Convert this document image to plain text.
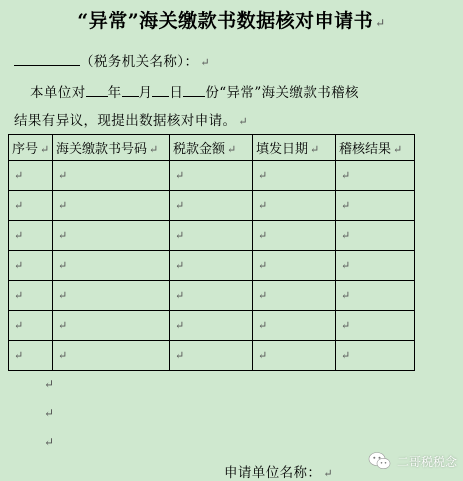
“异常”海关缴款书数据核对申请书 ↵
（税务机关名称）： ↵
本单位对 年 月 日 份“异常”海关缴款书稽核
结果有异议，现提出数据核对申请。 ↵
序号 ↵	海关缴款书号码 ↵	税款金额 ↵	填发日期 ↵	稽核结果 ↵
↵	↵	↵	↵	↵
↵	↵	↵	↵	↵
↵	↵	↵	↵	↵
↵	↵	↵	↵	↵
↵	↵	↵	↵	↵
↵	↵	↵	↵	↵
↵	↵	↵	↵	↵
↵
↵
↵
申请单位名称： ↵
二哥税税念
